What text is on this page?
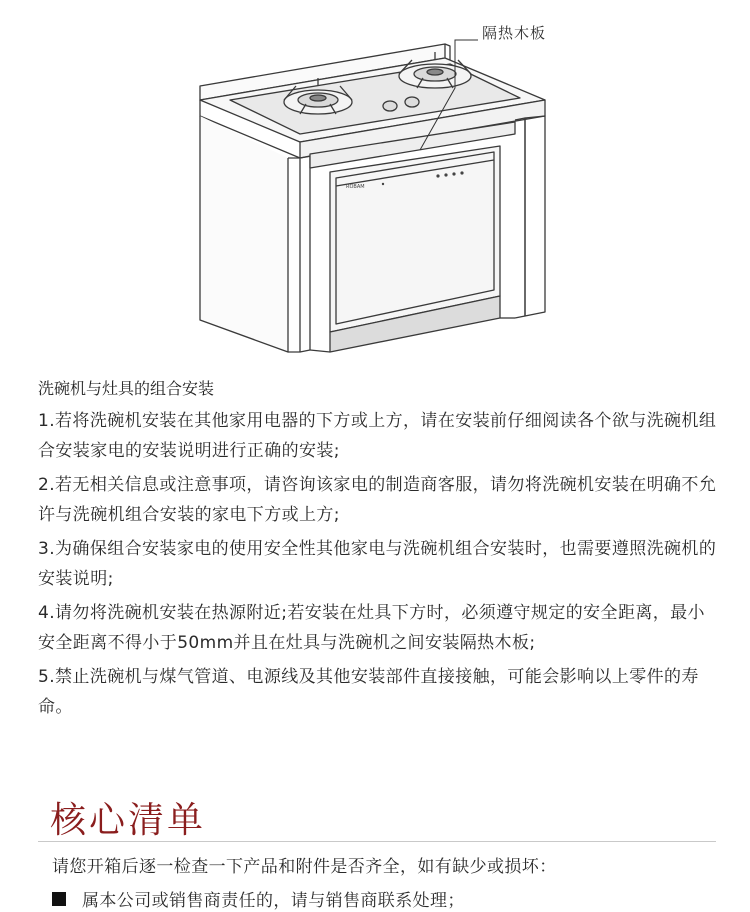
ROBAM
隔热木板
洗碗机与灶具的组合安装
1.若将洗碗机安装在其他家用电器的下方或上方，请在安装前仔细阅读各个欲与洗碗机组合安装家电的安装说明进行正确的安装;
2.若无相关信息或注意事项，请咨询该家电的制造商客服，请勿将洗碗机安装在明确不允许与洗碗机组合安装的家电下方或上方;
3.为确保组合安装家电的使用安全性其他家电与洗碗机组合安装时，也需要遵照洗碗机的安装说明;
4.请勿将洗碗机安装在热源附近;若安装在灶具下方时，必须遵守规定的安全距离，最小安全距离不得小于50mm并且在灶具与洗碗机之间安装隔热木板;
5.禁止洗碗机与煤气管道、电源线及其他安装部件直接接触，可能会影响以上零件的寿命。
核心清单
请您开箱后逐一检查一下产品和附件是否齐全，如有缺少或损坏：
属本公司或销售商责任的，请与销售商联系处理；
